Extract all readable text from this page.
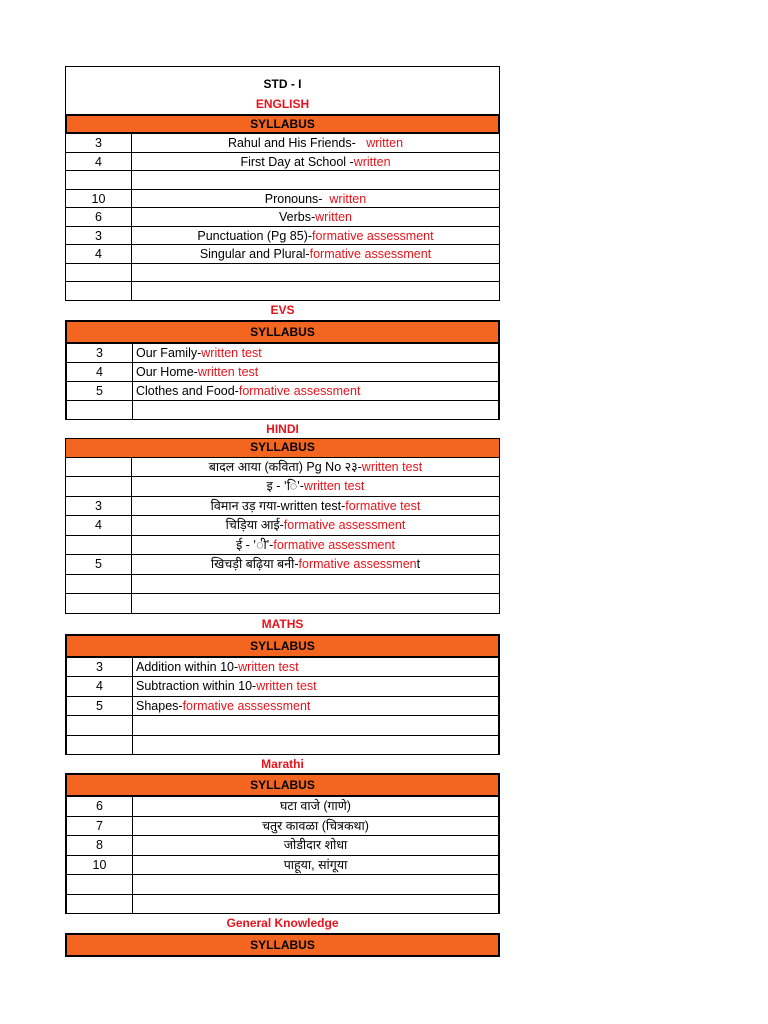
STD - I
ENGLISH
SYLLABUS
3	Rahul and His Friends-   written
4	First Day at School -written
10	Pronouns-  written
6	Verbs-written
3	Punctuation (Pg 85)-formative assessment
4	Singular and Plural-formative assessment
EVS
SYLLABUS
3	Our Family-written test
4	Our Home-written test
5	Clothes and Food-formative assessment
HINDI
SYLLABUS
बादल आया (कविता) Pg No २३-written test
इ - 'ि'-written test
3	विमान उड़ गया-written test-formative test
4	चिड़िया आई-formative assessment
ई - 'ी'-formative assessment
5	खिचड़ी बढ़िया बनी-formative assessment
MATHS
SYLLABUS
3	Addition within 10-written test
4	Subtraction within 10-written test
5	Shapes-formative asssessment
Marathi
SYLLABUS
6	घटा वाजे (गाणे)
7	चतुर कावळा (चित्रकथा)
8	जोडीदार शोधा
10	पाहूया, सांगूया
General Knowledge
SYLLABUS
